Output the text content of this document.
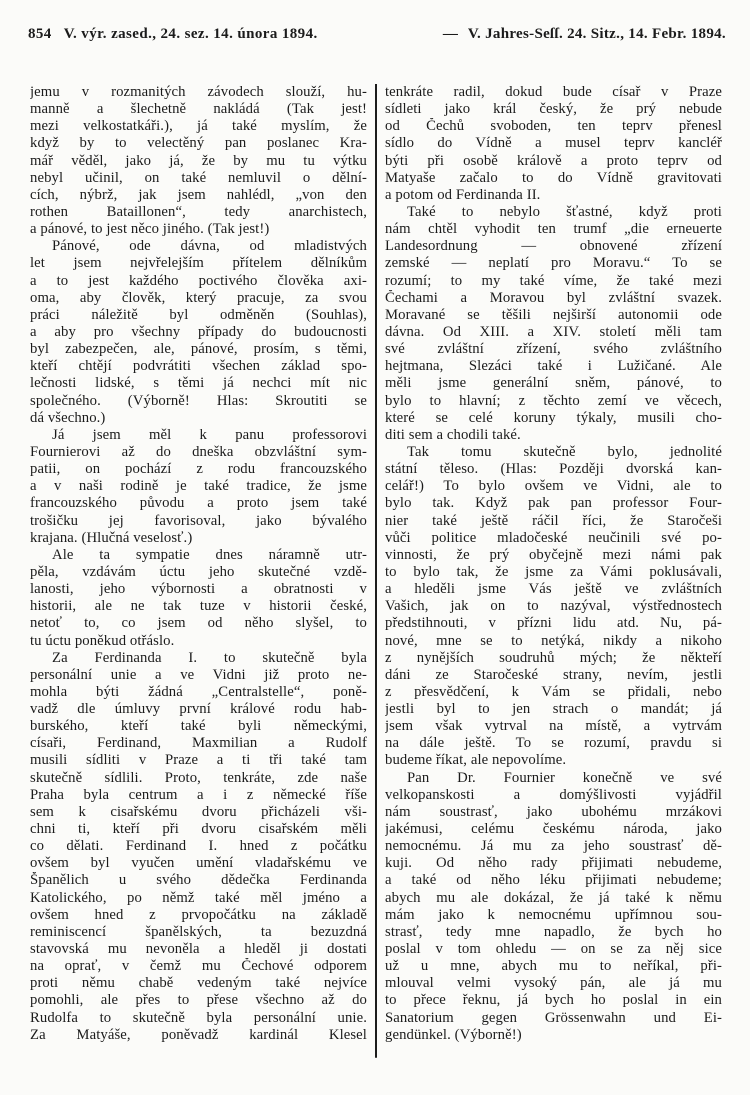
854 V. výr. zased., 24. sez. 14. února 1894.	— V. Jahres-Seſſ. 24. Sitz., 14. Febr. 1894.
jemu v rozmanitých závodech slouží, hu-
manně a šlechetně nakládá (Tak jest!
mezi velkostatkáři.), já také myslím, že
když by to velectěný pan poslanec Kra-
mář věděl, jako já, že by mu tu výtku
nebyl učinil, on také nemluvil o dělní-
cích, nýbrž, jak jsem nahlédl, „von den
rothen Bataillonen“, tedy anarchistech,
a pánové, to jest něco jiného. (Tak jest!)
Pánové, ode dávna, od mladistvých
let jsem nejvřelejším přítelem dělníkům
a to jest každého poctivého člověka axi-
oma, aby člověk, který pracuje, za svou
práci náležitě byl odměněn (Souhlas),
a aby pro všechny případy do budoucnosti
byl zabezpečen, ale, pánové, prosím, s těmi,
kteří chtějí podvrátiti všechen základ spo-
lečnosti lidské, s těmi já nechci mít nic
společného. (Výborně! Hlas: Skroutiti se
dá všechno.)
Já jsem měl k panu professorovi
Fournierovi až do dneška obzvláštní sym-
patii, on pochází z rodu francouzského
a v naši rodině je také tradice, že jsme
francouzského původu a proto jsem také
trošičku jej favorisoval, jako bývalého
krajana. (Hlučná veselosť.)
Ale ta sympatie dnes náramně utr-
pěla, vzdávám úctu jeho skutečné vzdě-
lanosti, jeho výbornosti a obratnosti v
historii, ale ne tak tuze v historii české,
netoť to, co jsem od něho slyšel, to
tu úctu poněkud otřáslo.
Za Ferdinanda I. to skutečně byla
personální unie a ve Vidni již proto ne-
mohla býti žádná „Centralstelle“, poně-
vadž dle úmluvy první králové rodu hab-
burského, kteří také byli německými,
císaři, Ferdinand, Maxmilian a Rudolf
musili sídliti v Praze a ti tři také tam
skutečně sídlili. Proto, tenkráte, zde naše
Praha byla centrum a i z německé říše
sem k cisařskému dvoru přicházeli vši-
chni ti, kteří při dvoru cisařském měli
co dělati. Ferdinand I. hned z počátku
ovšem byl vyučen umění vladařskému ve
Španělich u svého dědečka Ferdinanda
Katolického, po němž také měl jméno a
ovšem hned z prvopočátku na základě
reminiscencí španělských, ta bezuzdná
stavovská mu nevoněla a hleděl ji dostati
na oprať, v čemž mu Čechové odporem
proti němu chabě vedeným také nejvíce
pomohli, ale přes to přese všechno až do
Rudolfa to skutečně byla personální unie.
Za Matyáše, poněvadž kardinál Klesel
tenkráte radil, dokud bude císař v Praze
sídleti jako král český, že prý nebude
od Čechů svoboden, ten teprv přenesl
sídlo do Vídně a musel teprv kancléř
býti při osobě králově a proto teprv od
Matyaše začalo to do Vídně gravitovati
a potom od Ferdinanda II.
Také to nebylo šťastné, když proti
nám chtěl vyhodit ten trumf „die erneuerte
Landesordnung — obnovené zřízení
zemské — neplatí pro Moravu.“ To se
rozumí; to my také víme, že také mezi
Čechami a Moravou byl zvláštní svazek.
Moravané se těšili nejširší autonomii ode
dávna. Od XIII. a XIV. století měli tam
své zvláštní zřízení, svého zvláštního
hejtmana, Slezáci také i Lužičané. Ale
měli jsme generální sněm, pánové, to
bylo to hlavní; z těchto zemí ve věcech,
které se celé koruny týkaly, musili cho-
diti sem a chodili také.
Tak tomu skutečně bylo, jednolité
státní těleso. (Hlas: Později dvorská kan-
celář!) To bylo ovšem ve Vidni, ale to
bylo tak. Když pak pan professor Four-
nier také ještě ráčil říci, že Staročeši
vůči politice mladočeské neučinili své po-
vinnosti, že prý obyčejně mezi námi pak
to bylo tak, že jsme za Vámi poklusávali,
a hleděli jsme Vás ještě ve zvláštních
Vašich, jak on to nazýval, výstřednostech
předstihnouti, v přízni lidu atd. Nu, pá-
nové, mne se to netýká, nikdy a nikoho
z nynějších soudruhů mých; že někteří
dáni ze Staročeské strany, nevím, jestli
z přesvědčení, k Vám se přidali, nebo
jestli byl to jen strach o mandát; já
jsem však vytrval na místě, a vytrvám
na dále ještě. To se rozumí, pravdu si
budeme říkat, ale nepovolíme.
Pan Dr. Fournier konečně ve své
velkopanskosti a domýšlivosti vyjádřil
nám soustrasť, jako ubohému mrzákovi
jakémusi, celému českému národa, jako
nemocnému. Já mu za jeho soustrasť dě-
kuji. Od něho rady přijimati nebudeme,
a také od něho léku přijimati nebudeme;
abych mu ale dokázal, že já také k němu
mám jako k nemocnému upřímnou sou-
strasť, tedy mne napadlo, že bych ho
poslal v tom ohledu — on se za něj sice
už u mne, abych mu to neříkal, při-
mlouval velmi vysoký pán, ale já mu
to přece řeknu, já bych ho poslal in ein
Sanatorium gegen Grössenwahn und Ei-
gendünkel. (Výborně!)
